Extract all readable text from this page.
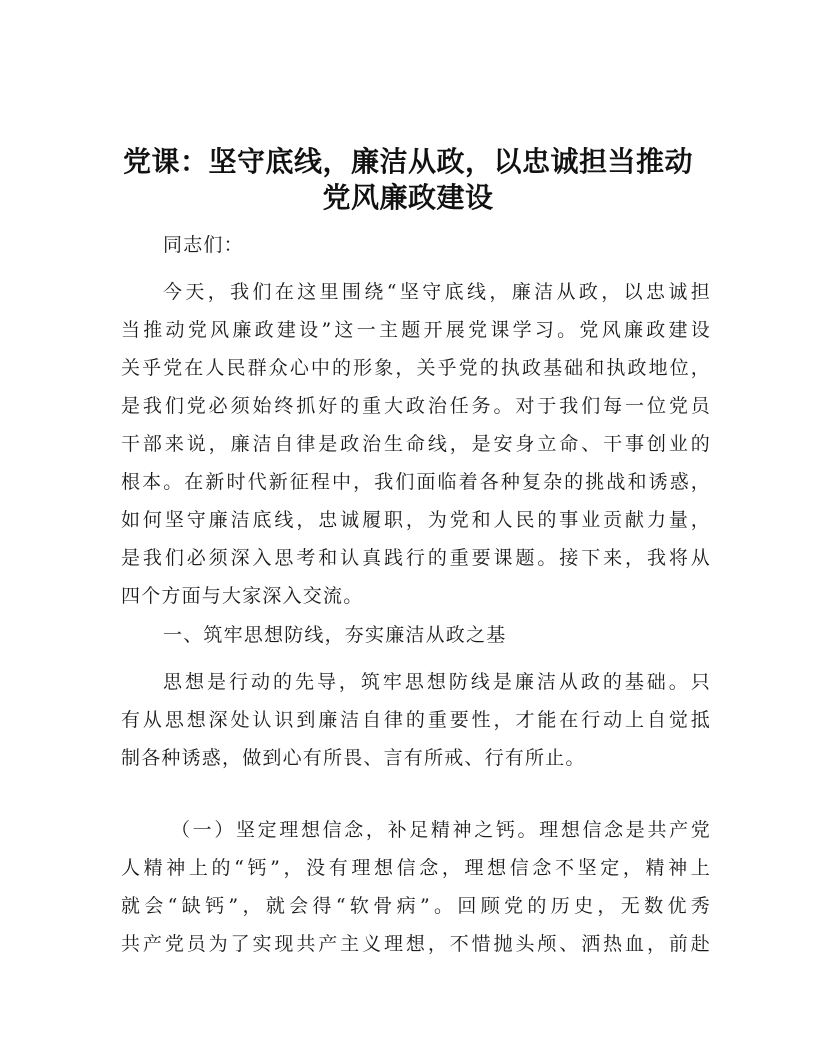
党课：坚守底线，廉洁从政，以忠诚担当推动
党风廉政建设
同志们：
今天，我们在这里围绕“坚守底线，廉洁从政，以忠诚担
当推动党风廉政建设”这一主题开展党课学习。党风廉政建设
关乎党在人民群众心中的形象，关乎党的执政基础和执政地位，
是我们党必须始终抓好的重大政治任务。对于我们每一位党员
干部来说，廉洁自律是政治生命线，是安身立命、干事创业的
根本。在新时代新征程中，我们面临着各种复杂的挑战和诱惑，
如何坚守廉洁底线，忠诚履职，为党和人民的事业贡献力量，
是我们必须深入思考和认真践行的重要课题。接下来，我将从
四个方面与大家深入交流。
一、筑牢思想防线，夯实廉洁从政之基
思想是行动的先导，筑牢思想防线是廉洁从政的基础。只
有从思想深处认识到廉洁自律的重要性，才能在行动上自觉抵
制各种诱惑，做到心有所畏、言有所戒、行有所止。
（一）坚定理想信念，补足精神之钙。理想信念是共产党
人精神上的“钙”，没有理想信念，理想信念不坚定，精神上
就会“缺钙”，就会得“软骨病”。回顾党的历史，无数优秀
共产党员为了实现共产主义理想，不惜抛头颅、洒热血，前赴
